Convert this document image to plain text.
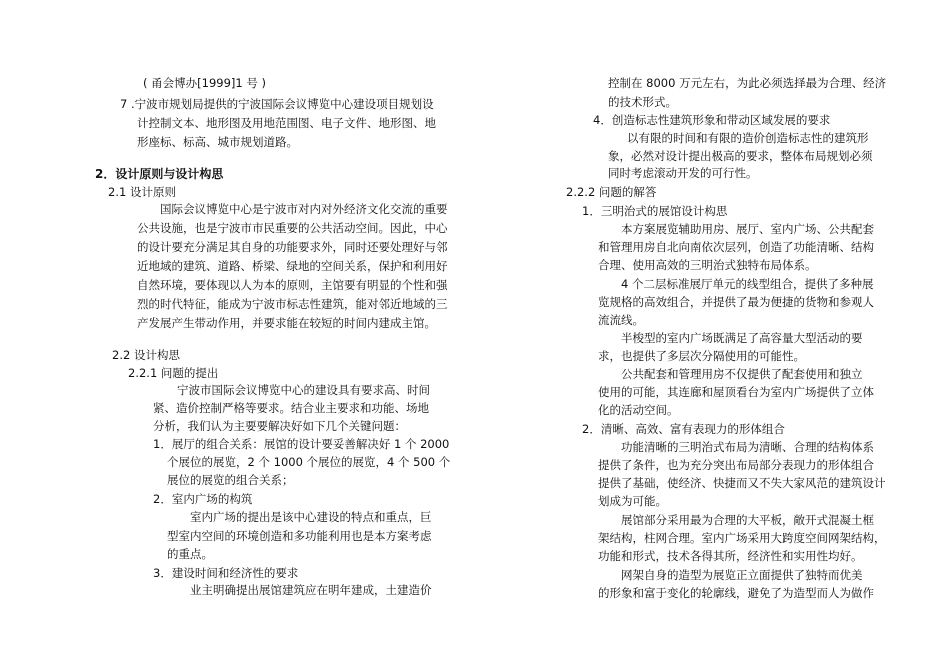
( 甬会博办[1999]1 号 )
7 .宁波市规划局提供的宁波国际会议博览中心建设项目规划设
计控制文本、地形图及用地范围图、电子文件、地形图、地
形座标、标高、城市规划道路。
2．设计原则与设计构思
2.1 设计原则
国际会议博览中心是宁波市对内对外经济文化交流的重要
公共设施，也是宁波市市民重要的公共活动空间。因此，中心
的设计要充分满足其自身的功能要求外，同时还要处理好与邻
近地域的建筑、道路、桥梁、绿地的空间关系，保护和利用好
自然环境，要体现以人为本的原则，主馆要有明显的个性和强
烈的时代特征，能成为宁波市标志性建筑，能对邻近地域的三
产发展产生带动作用，并要求能在较短的时间内建成主馆。
2.2 设计构思
2.2.1 问题的提出
宁波市国际会议博览中心的建设具有要求高、时间
紧、造价控制严格等要求。结合业主要求和功能、场地
分析，我们认为主要要解决好如下几个关键问题：
1．展厅的组合关系：展馆的设计要妥善解决好 1 个 2000
个展位的展览，2 个 1000 个展位的展览，4 个 500 个
展位的展览的组合关系；
2．室内广场的构筑
室内广场的提出是该中心建设的特点和重点，巨
型室内空间的环境创造和多功能利用也是本方案考虑
的重点。
3．建设时间和经济性的要求
业主明确提出展馆建筑应在明年建成，土建造价
控制在 8000 万元左右，为此必须选择最为合理、经济
的技术形式。
4．创造标志性建筑形象和带动区域发展的要求
以有限的时间和有限的造价创造标志性的建筑形
象，必然对设计提出极高的要求，整体布局规划必须
同时考虑滚动开发的可行性。
2.2.2 问题的解答
1．三明治式的展馆设计构思
本方案展览辅助用房、展厅、室内广场、公共配套
和管理用房自北向南依次层列，创造了功能清晰、结构
合理、使用高效的三明治式独特布局体系。
4 个二层标准展厅单元的线型组合，提供了多种展
览规格的高效组合，并提供了最为便捷的货物和参观人
流流线。
半梭型的室内广场既满足了高容量大型活动的要
求，也提供了多层次分隔使用的可能性。
公共配套和管理用房不仅提供了配套使用和独立
使用的可能，其连廊和屋顶看台为室内广场提供了立体
化的活动空间。
2．清晰、高效、富有表现力的形体组合
功能清晰的三明治式布局为清晰、合理的结构体系
提供了条件，也为充分突出布局部分表现力的形体组合
提供了基础，使经济、快捷而又不失大家风范的建筑设计
划成为可能。
展馆部分采用最为合理的大平板，敞开式混凝土框
架结构，柱网合理。室内广场采用大跨度空间网架结构，
功能和形式，技术各得其所，经济性和实用性均好。
网架自身的造型为展览正立面提供了独特而优美
的形象和富于变化的轮廓线，避免了为造型而人为做作
